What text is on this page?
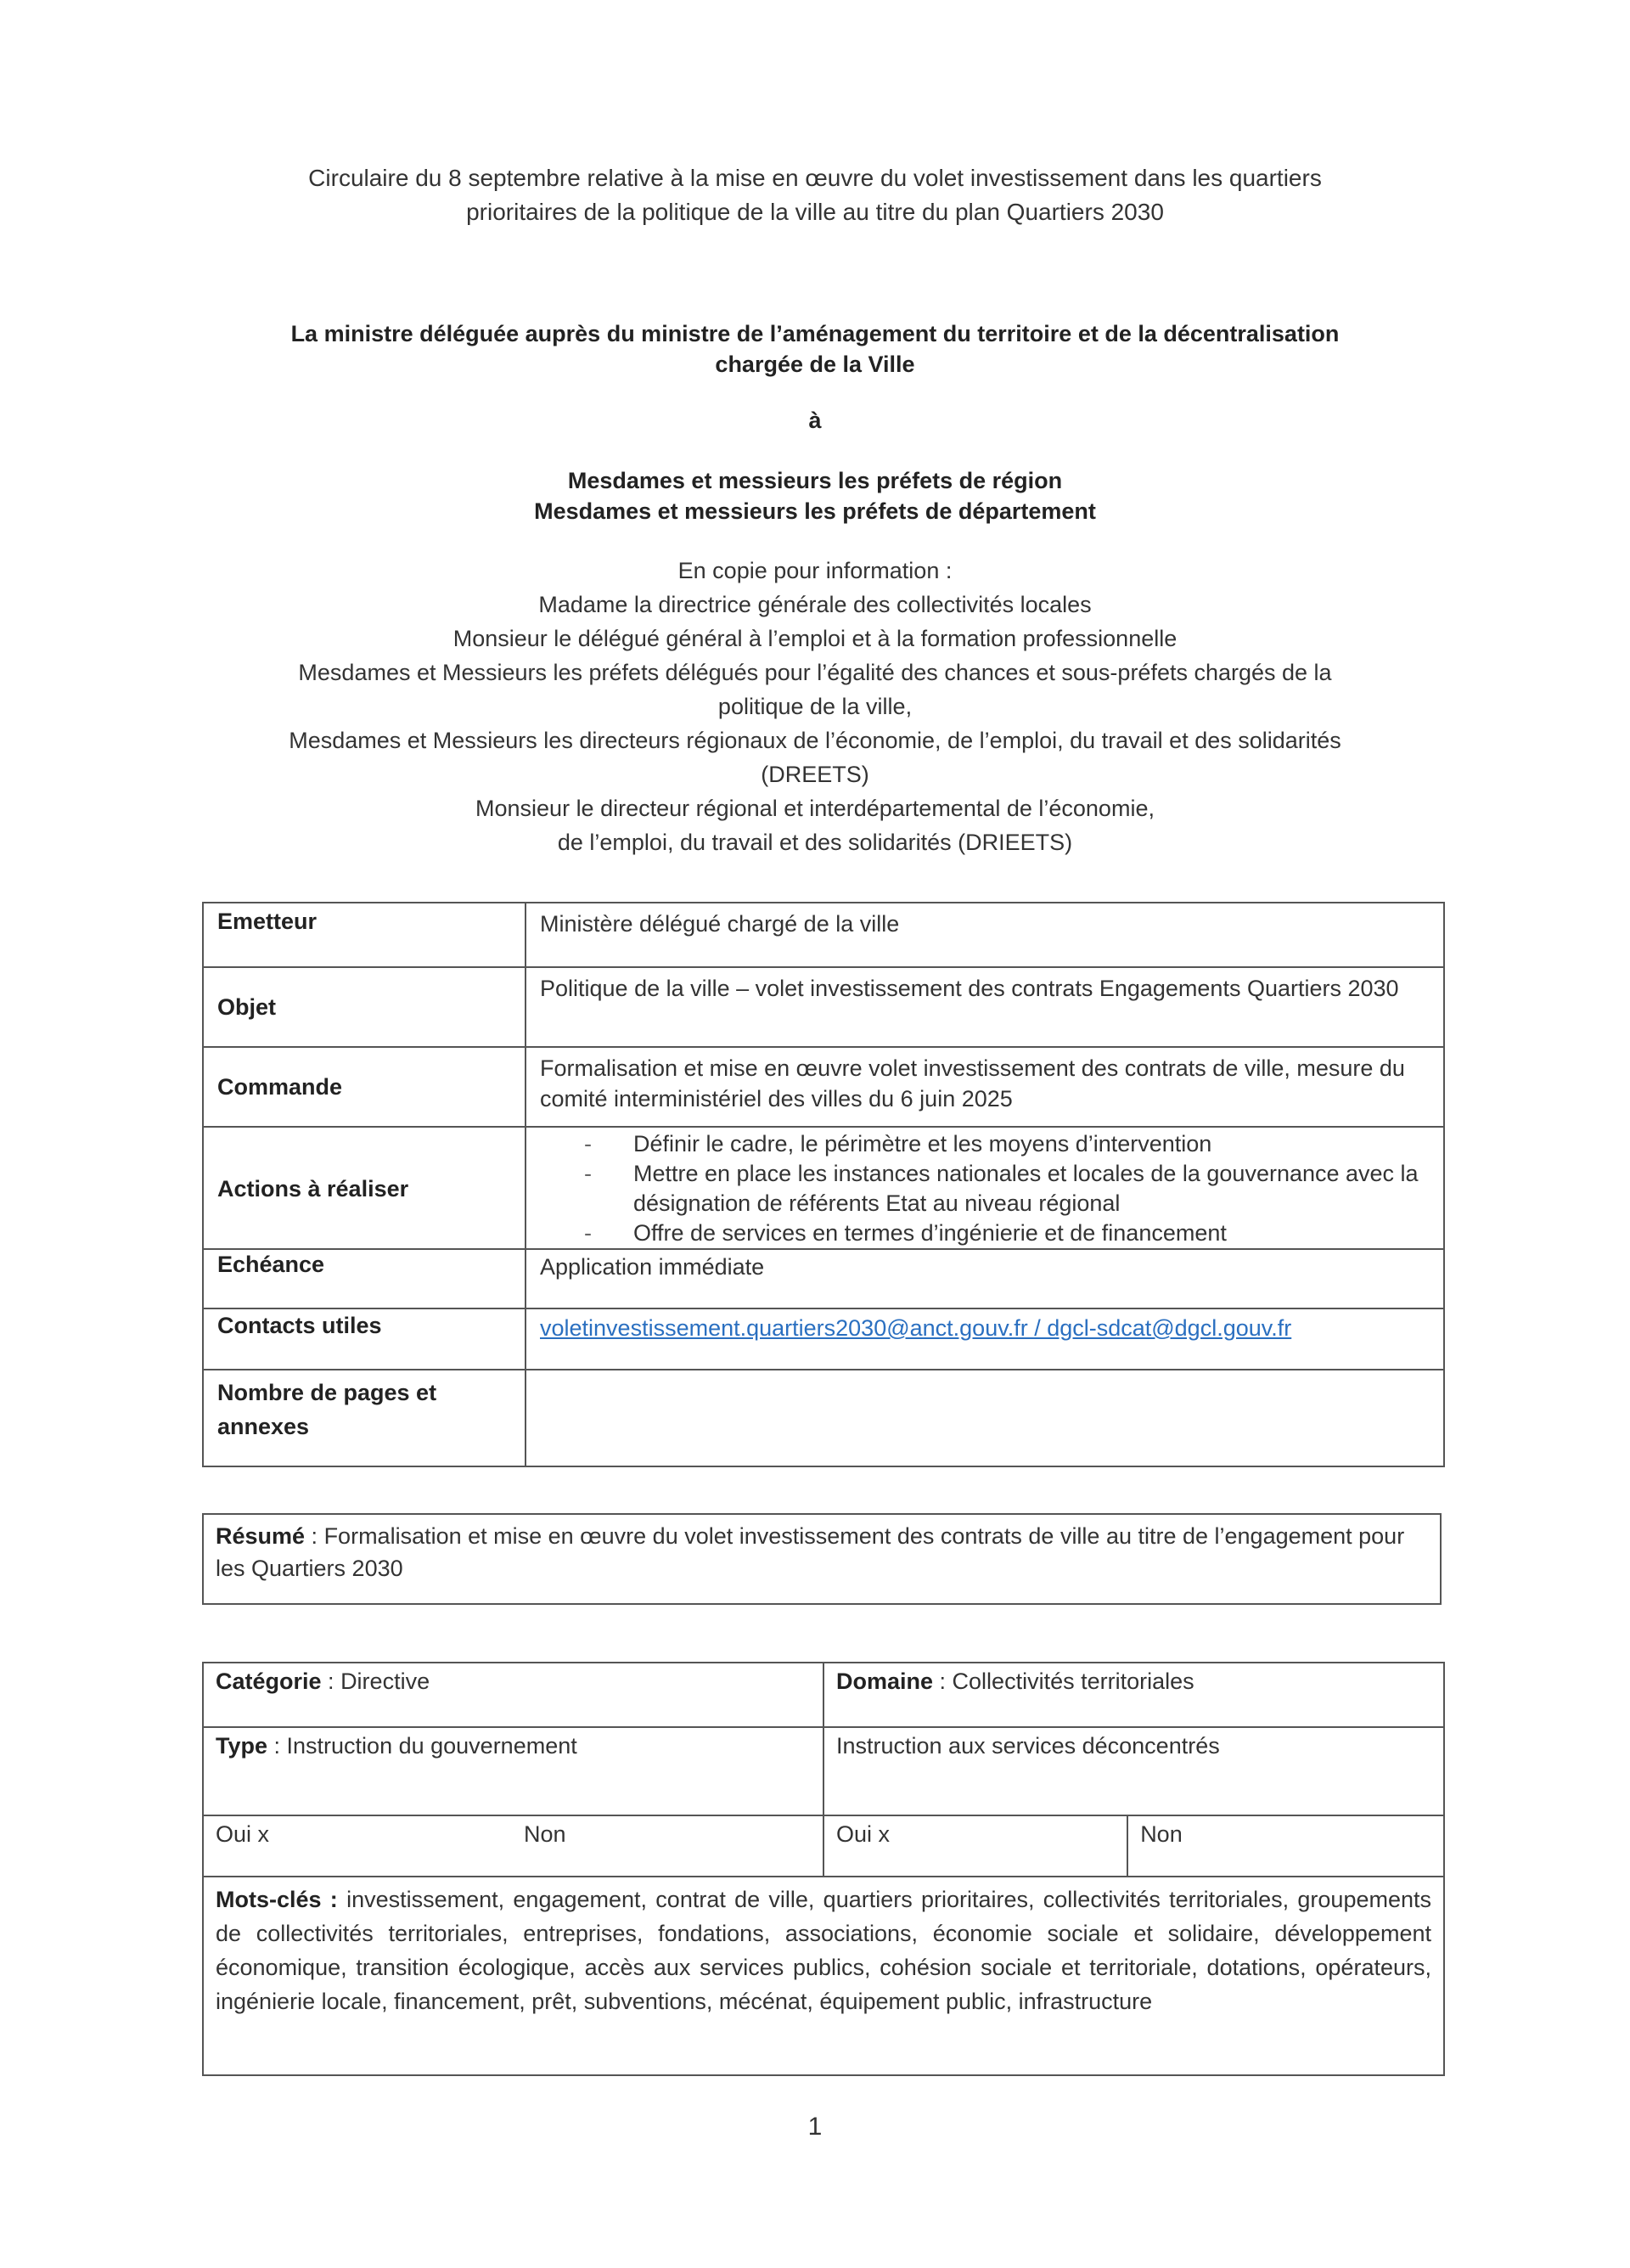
Circulaire du 8 septembre relative à la mise en œuvre du volet investissement dans les quartiers
prioritaires de la politique de la ville au titre du plan Quartiers 2030
La ministre déléguée auprès du ministre de l’aménagement du territoire et de la décentralisation
chargée de la Ville
à
Mesdames et messieurs les préfets de région
Mesdames et messieurs les préfets de département
En copie pour information :
Madame la directrice générale des collectivités locales
Monsieur le délégué général à l’emploi et à la formation professionnelle
Mesdames et Messieurs les préfets délégués pour l’égalité des chances et sous-préfets chargés de la
politique de la ville,
Mesdames et Messieurs les directeurs régionaux de l’économie, de l’emploi, du travail et des solidarités
(DREETS)
Monsieur le directeur régional et interdépartemental de l’économie,
de l’emploi, du travail et des solidarités (DRIEETS)
Emetteur	Ministère délégué chargé de la ville
Objet	Politique de la ville – volet investissement des contrats Engagements Quartiers 2030
Commande	Formalisation et mise en œuvre volet investissement des contrats de ville, mesure du comité interministériel des villes du 6 juin 2025
Actions à réaliser	
- Définir le cadre, le périmètre et les moyens d’intervention
- Mettre en place les instances nationales et locales de la gouvernance avec la désignation de référents Etat au niveau régional
- Offre de services en termes d’ingénierie et de financement

Echéance	Application immédiate
Contacts utiles	voletinvestissement.quartiers2030@anct.gouv.fr / dgcl-sdcat@dgcl.gouv.fr
Nombre de pages et annexes	
Résumé : Formalisation et mise en œuvre du volet investissement des contrats de ville au titre de l’engagement pour les Quartiers 2030
Catégorie : Directive	Domaine : Collectivités territoriales	
Type : Instruction du gouvernement	Instruction aux services déconcentrés	
Oui x Non	Oui x	Non
Mots-clés : investissement, engagement, contrat de ville, quartiers prioritaires, collectivités territoriales, groupements de collectivités territoriales, entreprises, fondations, associations, économie sociale et solidaire, développement économique, transition écologique, accès aux services publics, cohésion sociale et territoriale, dotations, opérateurs, ingénierie locale, financement, prêt, subventions, mécénat, équipement public, infrastructure		
1
